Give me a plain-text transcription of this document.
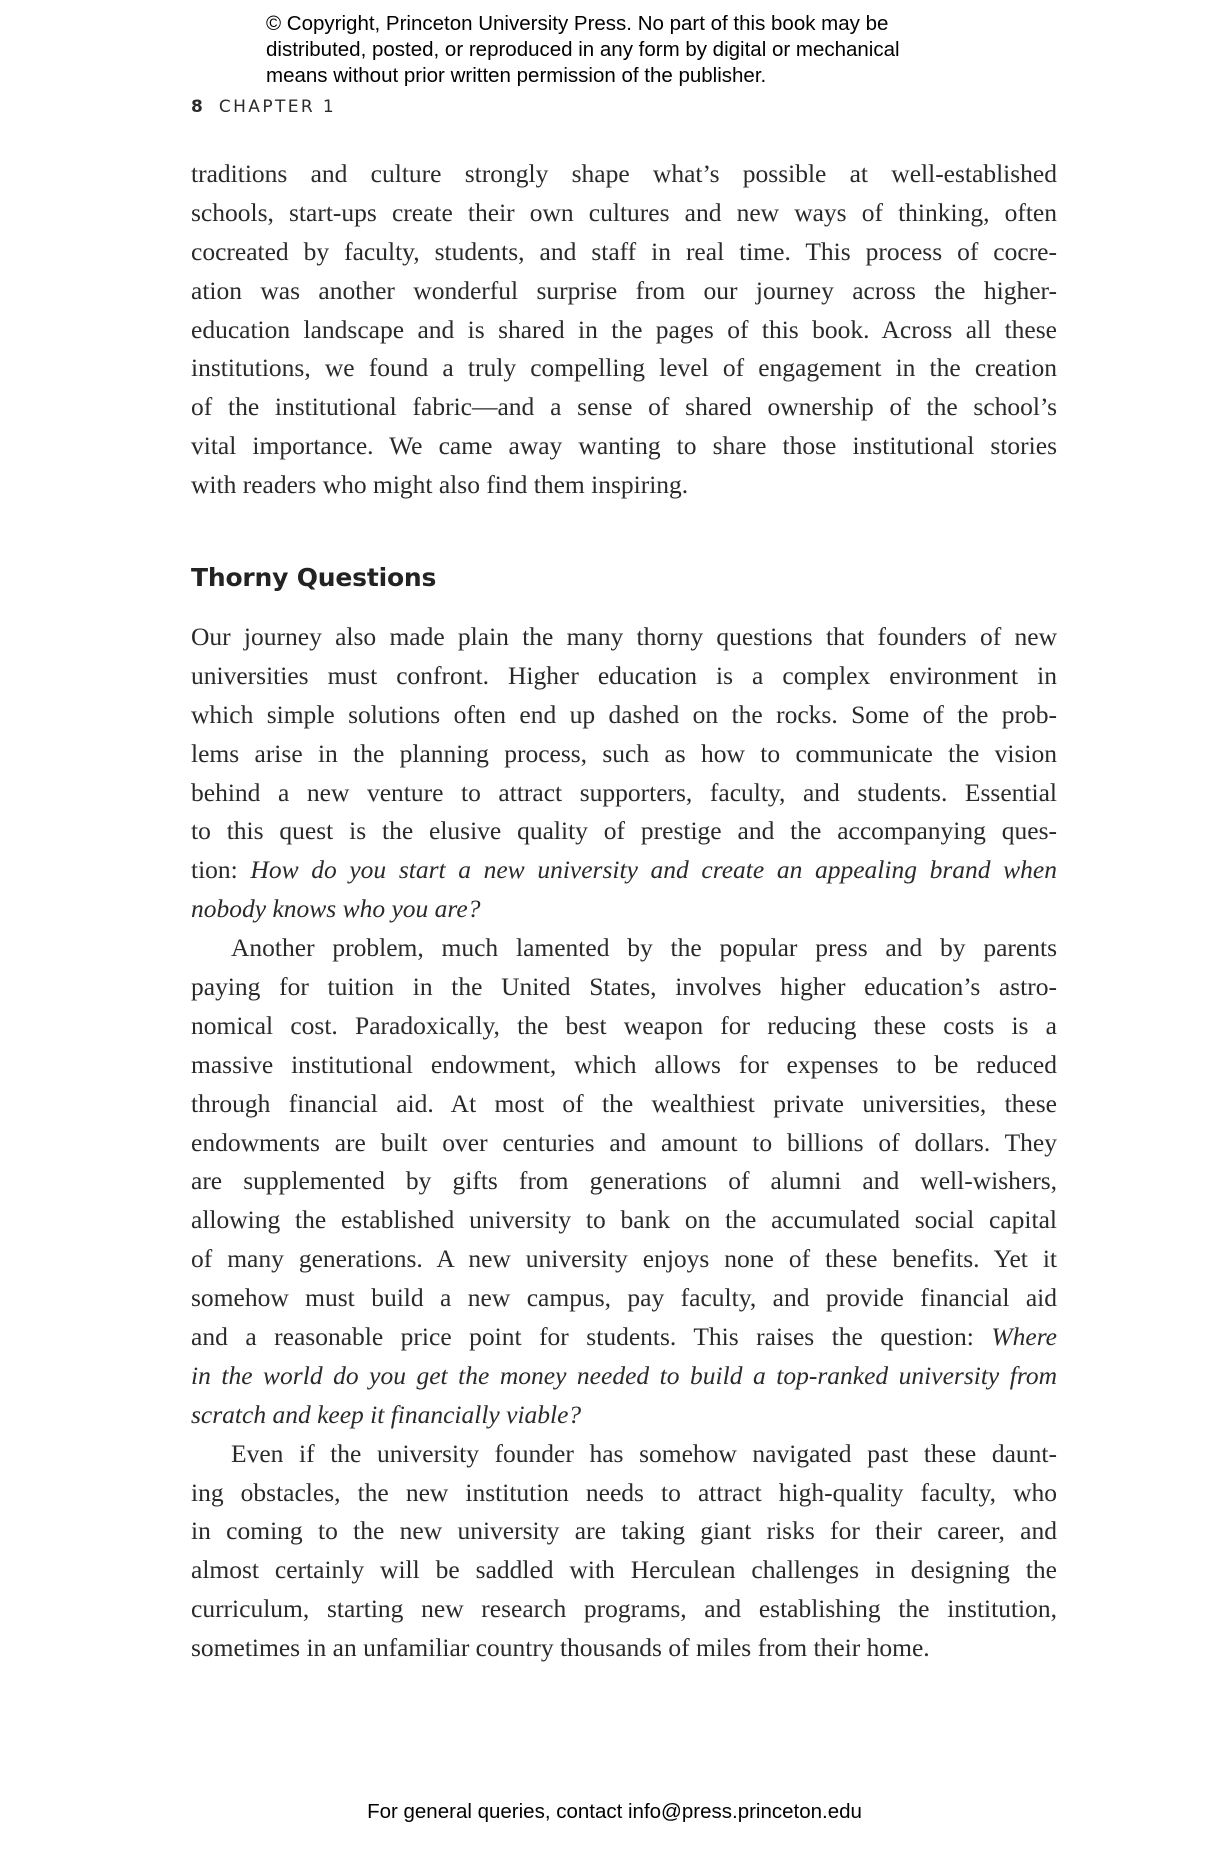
© Copyright, Princeton University Press. No part of this book may be
distributed, posted, or reproduced in any form by digital or mechanical
means without prior written permission of the publisher.
8 CHAPTER 1
traditions and culture strongly shape what’s possible at well-established
schools, start-ups create their own cultures and new ways of thinking, often
cocreated by faculty, students, and staff in real time. This process of cocre-
ation was another wonderful surprise from our journey across the higher-
education landscape and is shared in the pages of this book. Across all these
institutions, we found a truly compelling level of engagement in the creation
of the institutional fabric—and a sense of shared ownership of the school’s
vital importance. We came away wanting to share those institutional stories
with readers who might also find them inspiring.
Thorny Questions
Our journey also made plain the many thorny questions that founders of new
universities must confront. Higher education is a complex environment in
which simple solutions often end up dashed on the rocks. Some of the prob-
lems arise in the planning process, such as how to communicate the vision
behind a new venture to attract supporters, faculty, and students. Essential
to this quest is the elusive quality of prestige and the accompanying ques-
tion: How do you start a new university and create an appealing brand when
nobody knows who you are?
Another problem, much lamented by the popular press and by parents
paying for tuition in the United States, involves higher education’s astro-
nomical cost. Paradoxically, the best weapon for reducing these costs is a
massive institutional endowment, which allows for expenses to be reduced
through financial aid. At most of the wealthiest private universities, these
endowments are built over centuries and amount to billions of dollars. They
are supplemented by gifts from generations of alumni and well-wishers,
allowing the established university to bank on the accumulated social capital
of many generations. A new university enjoys none of these benefits. Yet it
somehow must build a new campus, pay faculty, and provide financial aid
and a reasonable price point for students. This raises the question: Where
in the world do you get the money needed to build a top-ranked university from
scratch and keep it financially viable?
Even if the university founder has somehow navigated past these daunt-
ing obstacles, the new institution needs to attract high-quality faculty, who
in coming to the new university are taking giant risks for their career, and
almost certainly will be saddled with Herculean challenges in designing the
curriculum, starting new research programs, and establishing the institution,
sometimes in an unfamiliar country thousands of miles from their home.
For general queries, contact info@press.princeton.edu
